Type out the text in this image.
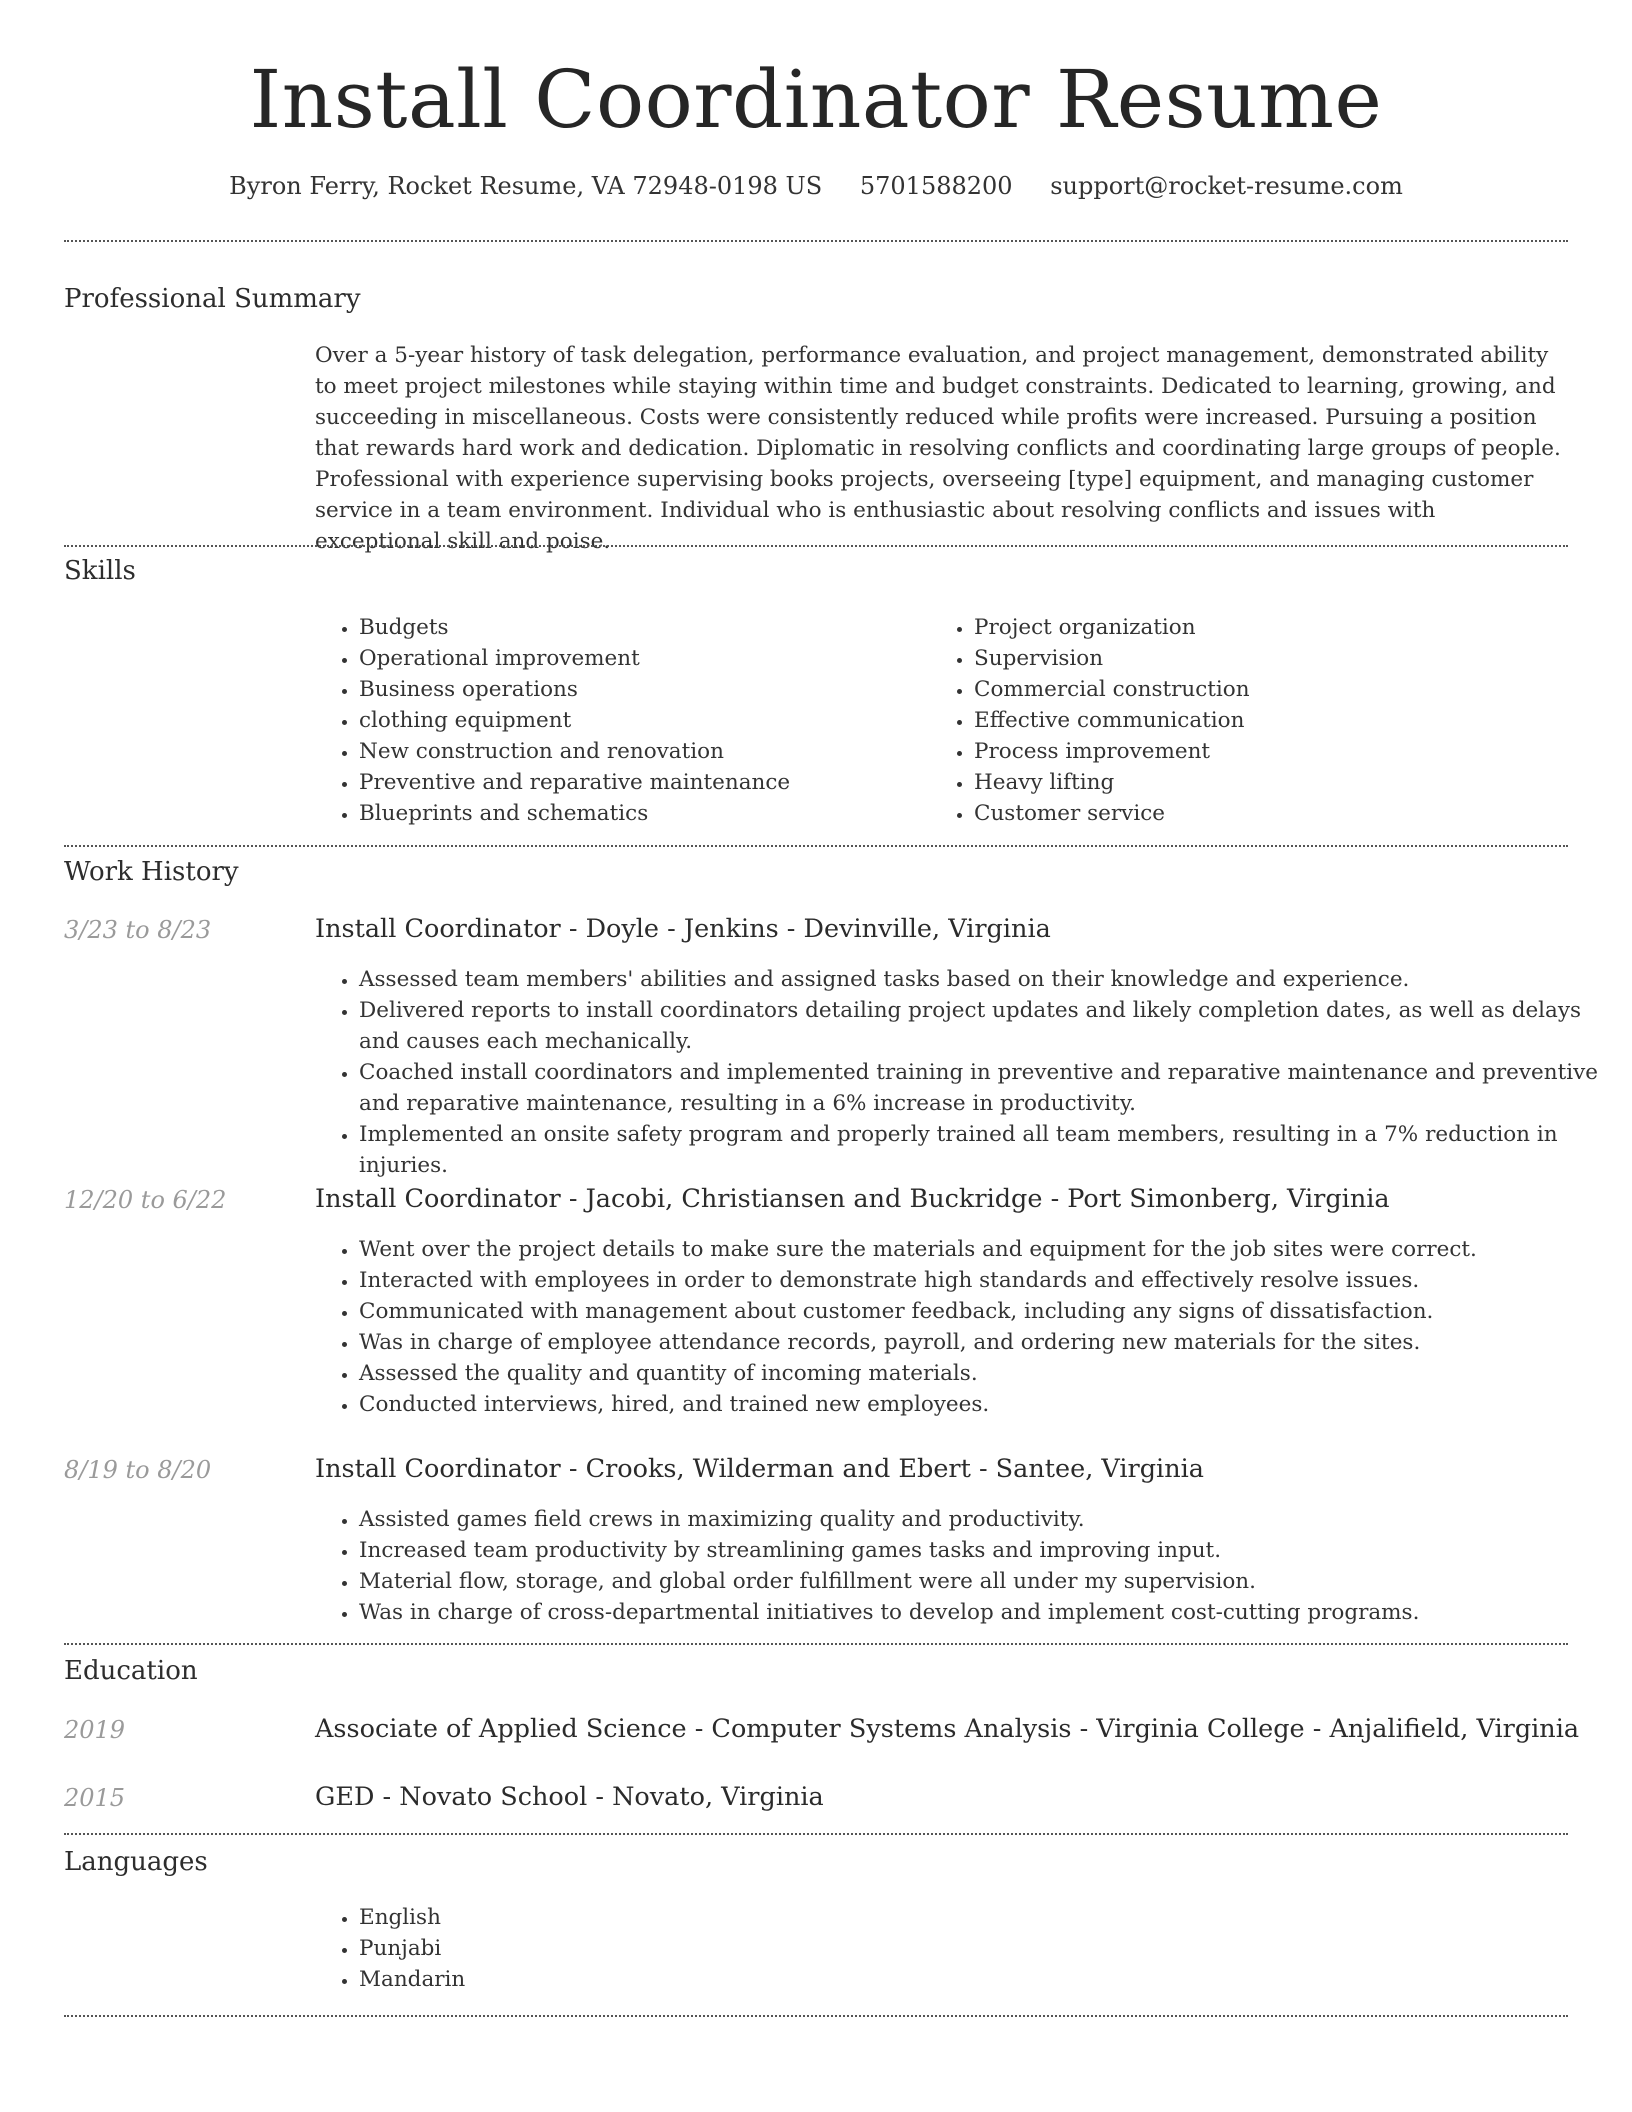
Install Coordinator Resume
Byron Ferry, Rocket Resume, VA 72948-0198 US 5701588200 support@rocket-resume.com
Professional Summary
Over a 5-year history of task delegation, performance evaluation, and project management, demonstrated ability to meet project milestones while staying within time and budget constraints. Dedicated to learning, growing, and succeeding in miscellaneous. Costs were consistently reduced while profits were increased. Pursuing a position that rewards hard work and dedication. Diplomatic in resolving conflicts and coordinating large groups of people. Professional with experience supervising books projects, overseeing [type] equipment, and managing customer service in a team environment. Individual who is enthusiastic about resolving conflicts and issues with exceptional skill and poise.
Skills
• Budgets
• Operational improvement
• Business operations
• clothing equipment
• New construction and renovation
• Preventive and reparative maintenance
• Blueprints and schematics
• Project organization
• Supervision
• Commercial construction
• Effective communication
• Process improvement
• Heavy lifting
• Customer service
Work History
3/23 to 8/23	Install Coordinator - Doyle - Jenkins - Devinville, Virginia
• Assessed team members' abilities and assigned tasks based on their knowledge and experience.
• Delivered reports to install coordinators detailing project updates and likely completion dates, as well as delays and causes each mechanically.
• Coached install coordinators and implemented training in preventive and reparative maintenance and preventive and reparative maintenance, resulting in a 6% increase in productivity.
• Implemented an onsite safety program and properly trained all team members, resulting in a 7% reduction in injuries.
12/20 to 6/22	Install Coordinator - Jacobi, Christiansen and Buckridge - Port Simonberg, Virginia
• Went over the project details to make sure the materials and equipment for the job sites were correct.
• Interacted with employees in order to demonstrate high standards and effectively resolve issues.
• Communicated with management about customer feedback, including any signs of dissatisfaction.
• Was in charge of employee attendance records, payroll, and ordering new materials for the sites.
• Assessed the quality and quantity of incoming materials.
• Conducted interviews, hired, and trained new employees.
8/19 to 8/20	Install Coordinator - Crooks, Wilderman and Ebert - Santee, Virginia
• Assisted games field crews in maximizing quality and productivity.
• Increased team productivity by streamlining games tasks and improving input.
• Material flow, storage, and global order fulfillment were all under my supervision.
• Was in charge of cross-departmental initiatives to develop and implement cost-cutting programs.
Education
2019	Associate of Applied Science - Computer Systems Analysis - Virginia College - Anjalifield, Virginia
2015	GED - Novato School - Novato, Virginia
Languages
• English
• Punjabi
• Mandarin
